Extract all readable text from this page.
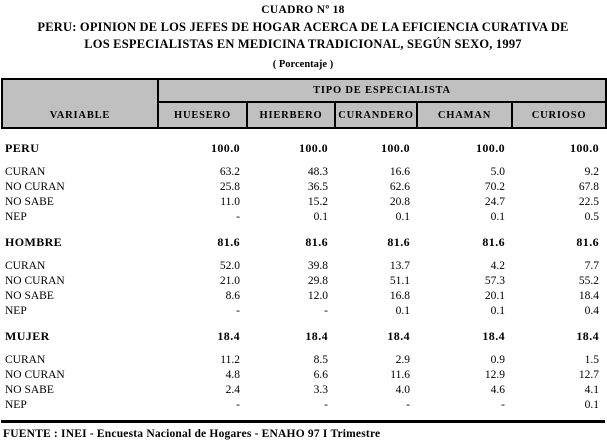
CUADRO Nº 18
PERU: OPINION DE LOS JEFES DE HOGAR ACERCA DE LA EFICIENCIA CURATIVA DE
LOS ESPECIALISTAS EN MEDICINA TRADICIONAL, SEGÚN SEXO, 1997
( Porcentaje )
VARIABLE	TIPO DE ESPECIALISTA				
	HUESERO	HIERBERO	CURANDERO	CHAMAN	CURIOSO
PERU	100.0	100.0	100.0	100.0	100.0
CURAN	63.2	48.3	16.6	5.0	9.2
NO CURAN	25.8	36.5	62.6	70.2	67.8
NO SABE	11.0	15.2	20.8	24.7	22.5
NEP	-	0.1	0.1	0.1	0.5
HOMBRE	81.6	81.6	81.6	81.6	81.6
CURAN	52.0	39.8	13.7	4.2	7.7
NO CURAN	21.0	29.8	51.1	57.3	55.2
NO SABE	8.6	12.0	16.8	20.1	18.4
NEP	-	-	0.1	0.1	0.4
MUJER	18.4	18.4	18.4	18.4	18.4
CURAN	11.2	8.5	2.9	0.9	1.5
NO CURAN	4.8	6.6	11.6	12.9	12.7
NO SABE	2.4	3.3	4.0	4.6	4.1
NEP	-	-	-	-	0.1
FUENTE : INEI - Encuesta Nacional de Hogares - ENAHO 97 I Trimestre
